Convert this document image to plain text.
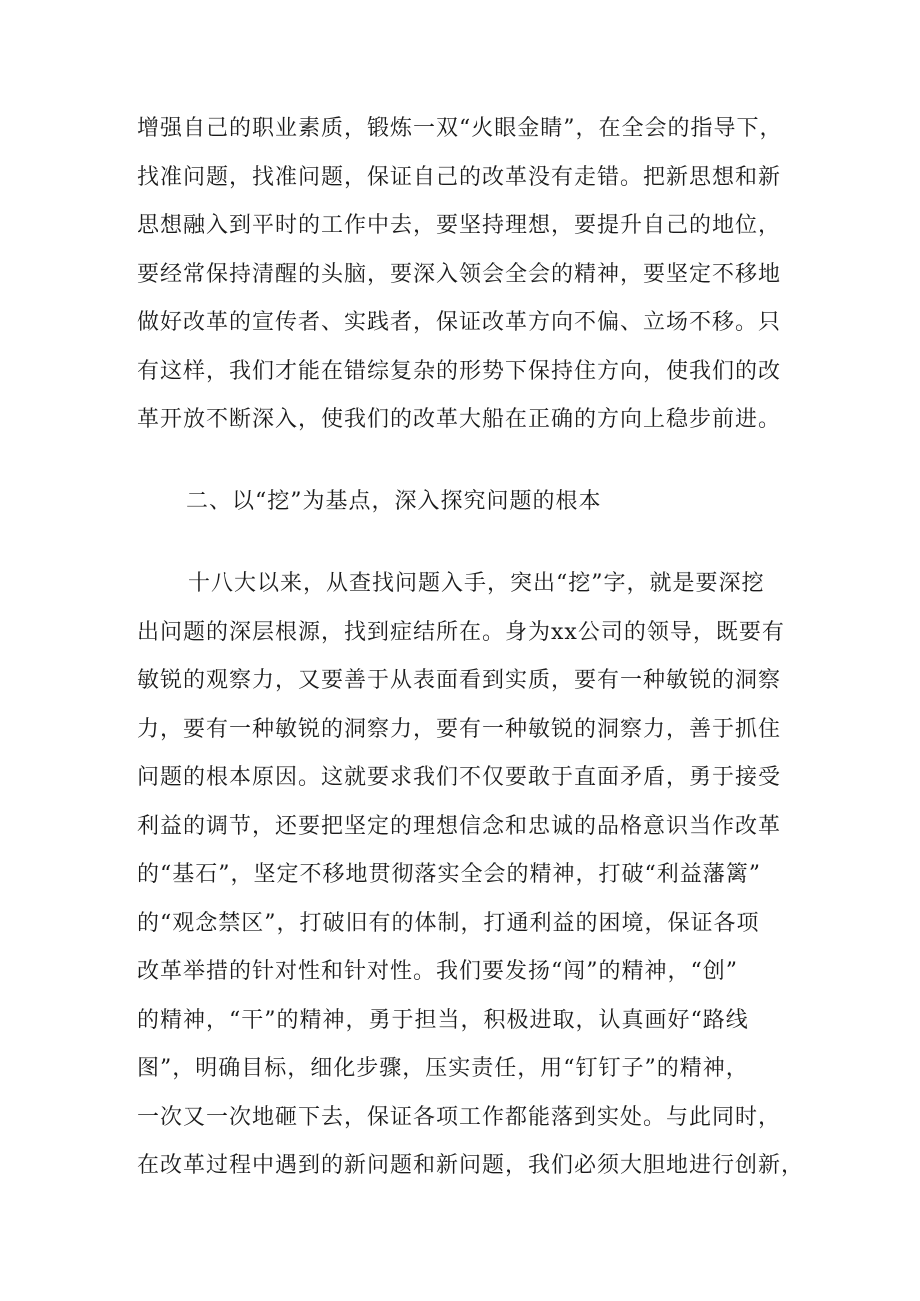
增强自己的职业素质，锻炼一双“火眼金睛”，在全会的指导下，
找准问题，找准问题，保证自己的改革没有走错。把新思想和新
思想融入到平时的工作中去，要坚持理想，要提升自己的地位，
要经常保持清醒的头脑，要深入领会全会的精神，要坚定不移地
做好改革的宣传者、实践者，保证改革方向不偏、立场不移。只
有这样，我们才能在错综复杂的形势下保持住方向，使我们的改
革开放不断深入，使我们的改革大船在正确的方向上稳步前进。
二、以“挖”为基点，深入探究问题的根本
十八大以来，从查找问题入手，突出“挖”字，就是要深挖
出问题的深层根源，找到症结所在。身为xx公司的领导，既要有
敏锐的观察力，又要善于从表面看到实质，要有一种敏锐的洞察
力，要有一种敏锐的洞察力，要有一种敏锐的洞察力，善于抓住
问题的根本原因。这就要求我们不仅要敢于直面矛盾，勇于接受
利益的调节，还要把坚定的理想信念和忠诚的品格意识当作改革
的“基石”，坚定不移地贯彻落实全会的精神，打破“利益藩篱”
的“观念禁区”，打破旧有的体制，打通利益的困境，保证各项
改革举措的针对性和针对性。我们要发扬“闯”的精神，“创”
的精神，“干”的精神，勇于担当，积极进取，认真画好“路线
图”，明确目标，细化步骤，压实责任，用“钉钉子”的精神，
一次又一次地砸下去，保证各项工作都能落到实处。与此同时，
在改革过程中遇到的新问题和新问题，我们必须大胆地进行创新，
